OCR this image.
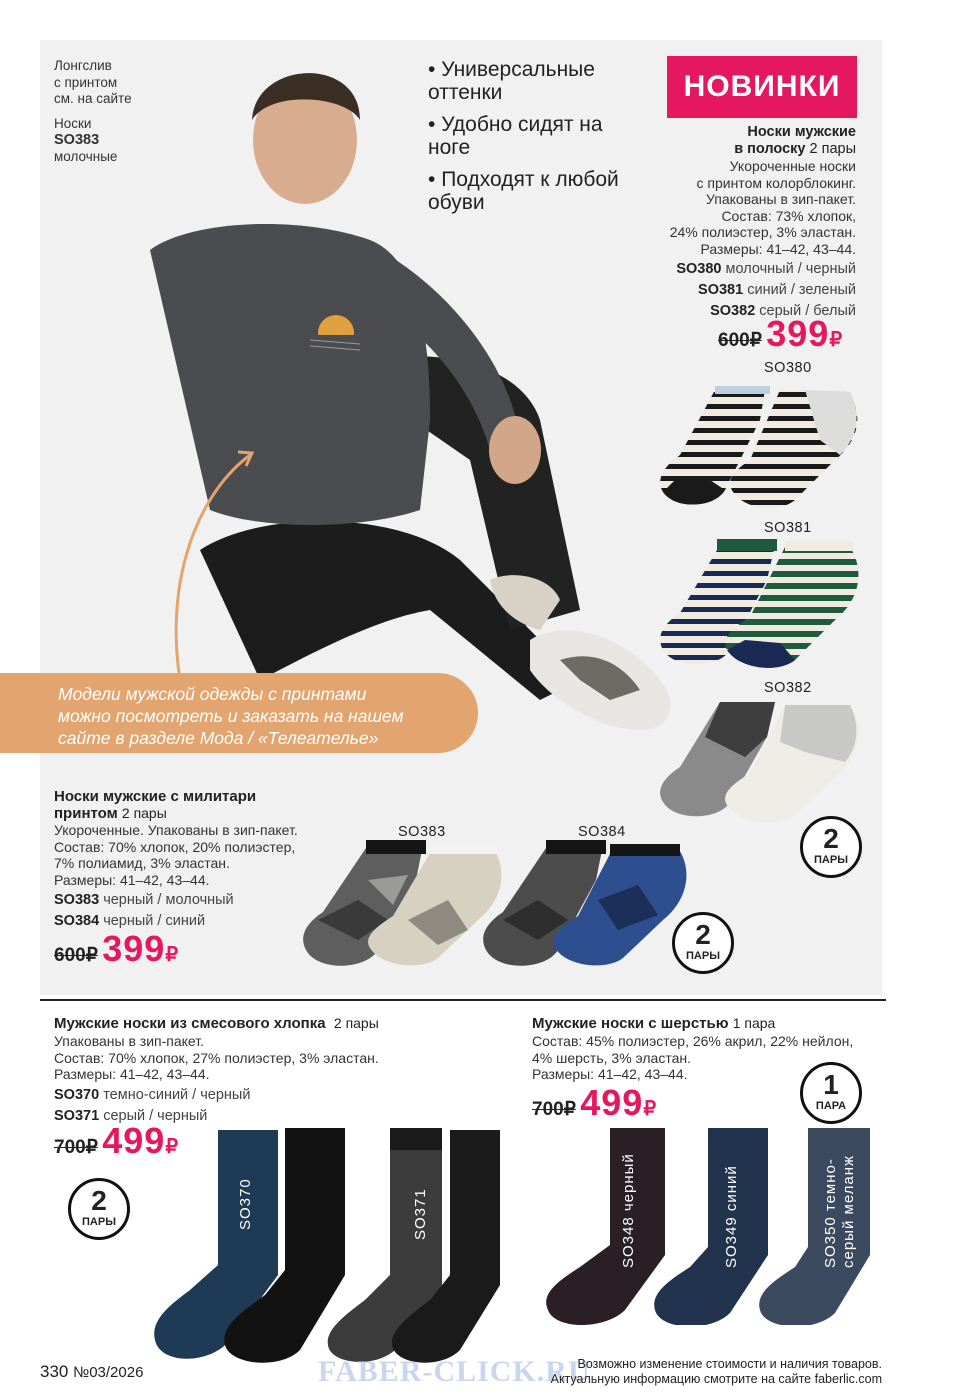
Лонгслив
с принтом
см. на сайте
Носки
SO383
молочные
• Универсальные оттенки
• Удобно сидят на ноге
• Подходят к любой обуви
НОВИНКИ
Носки мужские
в полоску 2 пары
Укороченные носки
с принтом колорблокинг.
Упакованы в зип-пакет.
Состав: 73% хлопок,
24% полиэстер, 3% эластан.
Размеры: 41–42, 43–44.
SO380 молочный / черный
SO381 синий / зеленый
SO382 серый / белый
600₽ 399₽
SO380
SO381
SO382
2
ПАРЫ
Модели мужской одежды с принтами
можно посмотреть и заказать на нашем
сайте в разделе Мода / «Телеателье»
Носки мужские с милитари
принтом 2 пары
Укороченные. Упакованы в зип-пакет.
Состав: 70% хлопок, 20% полиэстер,
7% полиамид, 3% эластан.
Размеры: 41–42, 43–44.
SO383 черный / молочный
SO384 черный / синий
600₽ 399₽
SO383	SO384
2
ПАРЫ
Мужские носки из смесового хлопка 2 пары
Упакованы в зип-пакет.
Состав: 70% хлопок, 27% полиэстер, 3% эластан.
Размеры: 41–42, 43–44.
SO370 темно-синий / черный
SO371 серый / черный
700₽ 499₽
2
ПАРЫ	SO370	SO371
Мужские носки с шерстью 1 пара
Состав: 45% полиэстер, 26% акрил, 22% нейлон,
4% шерсть, 3% эластан.
Размеры: 41–42, 43–44.
700₽ 499₽
1
ПАРА
SO348 черный	SO349 синий	SO350 темно- серый меланж
330 №03/2026	FABER-CLICK.RU
Возможно изменение стоимости и наличия товаров.
Актуальную информацию смотрите на сайте faberlic.com
